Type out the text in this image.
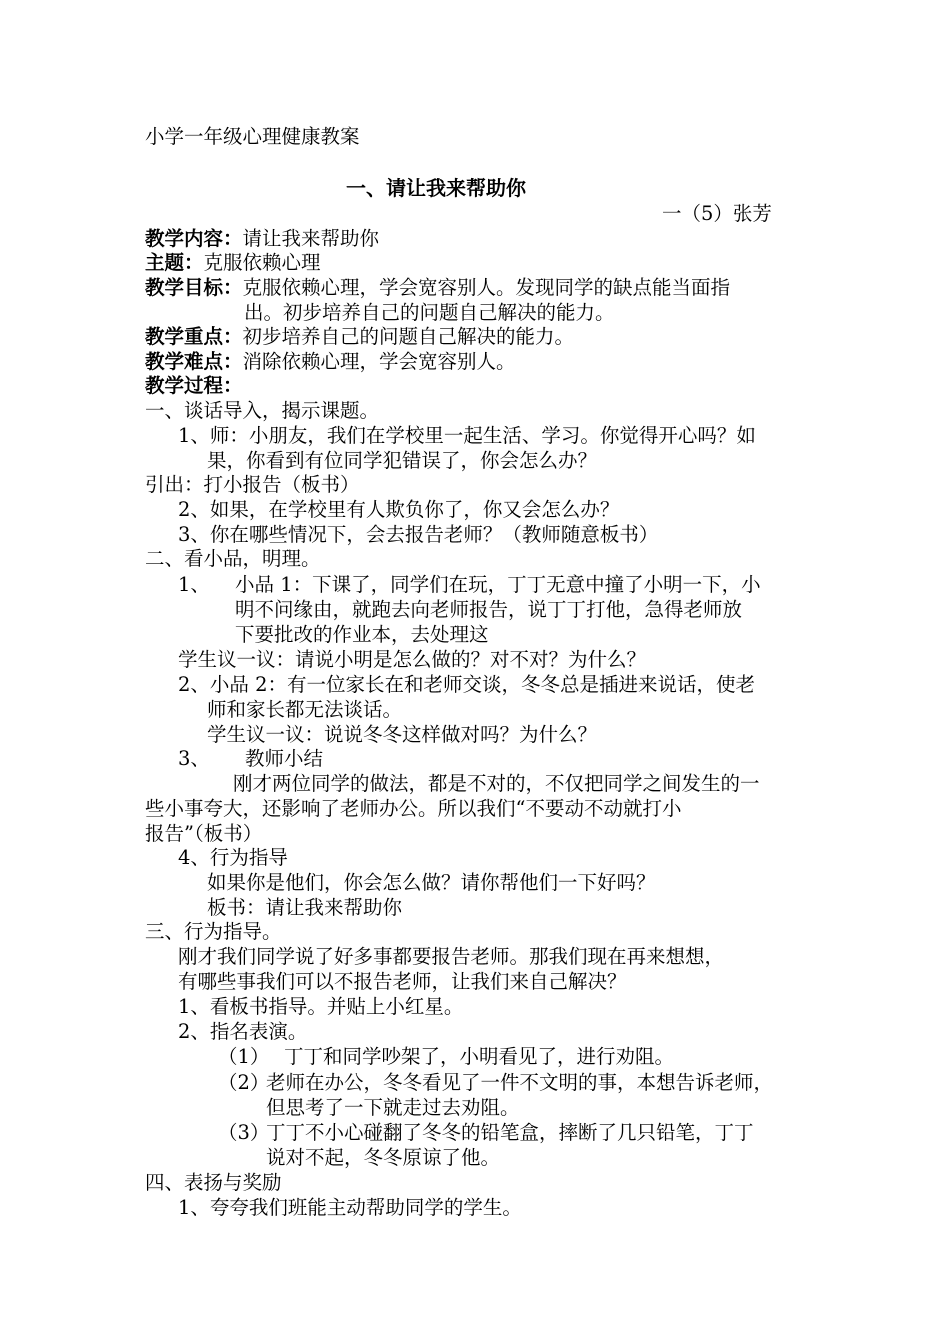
小学一年级心理健康教案
一、请让我来帮助你
一（5）张芳
教学内容：请让我来帮助你
主题：克服依赖心理
教学目标：克服依赖心理，学会宽容别人。发现同学的缺点能当面指
出。初步培养自己的问题自己解决的能力。
教学重点：初步培养自己的问题自己解决的能力。
教学难点：消除依赖心理，学会宽容别人。
教学过程：
一、谈话导入，揭示课题。
1、师：小朋友，我们在学校里一起生活、学习。你觉得开心吗？如
果，你看到有位同学犯错误了，你会怎么办？
引出：打小报告（板书）
2、如果，在学校里有人欺负你了，你又会怎么办？
3、你在哪些情况下，会去报告老师？（教师随意板书）
二、看小品，明理。
1、 小品 1：下课了，同学们在玩，丁丁无意中撞了小明一下，小
明不问缘由，就跑去向老师报告，说丁丁打他，急得老师放
下要批改的作业本，去处理这
学生议一议：请说小明是怎么做的？对不对？为什么？
2、小品 2：有一位家长在和老师交谈，冬冬总是插进来说话，使老
师和家长都无法谈话。
学生议一议：说说冬冬这样做对吗？为什么？
3、 教师小结
刚才两位同学的做法，都是不对的，不仅把同学之间发生的一
些小事夸大，还影响了老师办公。所以我们“不要动不动就打小
报告”（板书）
4、行为指导
如果你是他们，你会怎么做？请你帮他们一下好吗？
板书：请让我来帮助你
三、行为指导。
刚才我们同学说了好多事都要报告老师。那我们现在再来想想，
有哪些事我们可以不报告老师，让我们来自己解决？
1、看板书指导。并贴上小红星。
2、指名表演。
（1） 丁丁和同学吵架了，小明看见了，进行劝阻。
（2）
老师在办公，冬冬看见了一件不文明的事，本想告诉老师，
但思考了一下就走过去劝阻。
（3）
丁丁不小心碰翻了冬冬的铅笔盒，摔断了几只铅笔，丁丁
说对不起，冬冬原谅了他。
四、表扬与奖励
1、夸夸我们班能主动帮助同学的学生。
